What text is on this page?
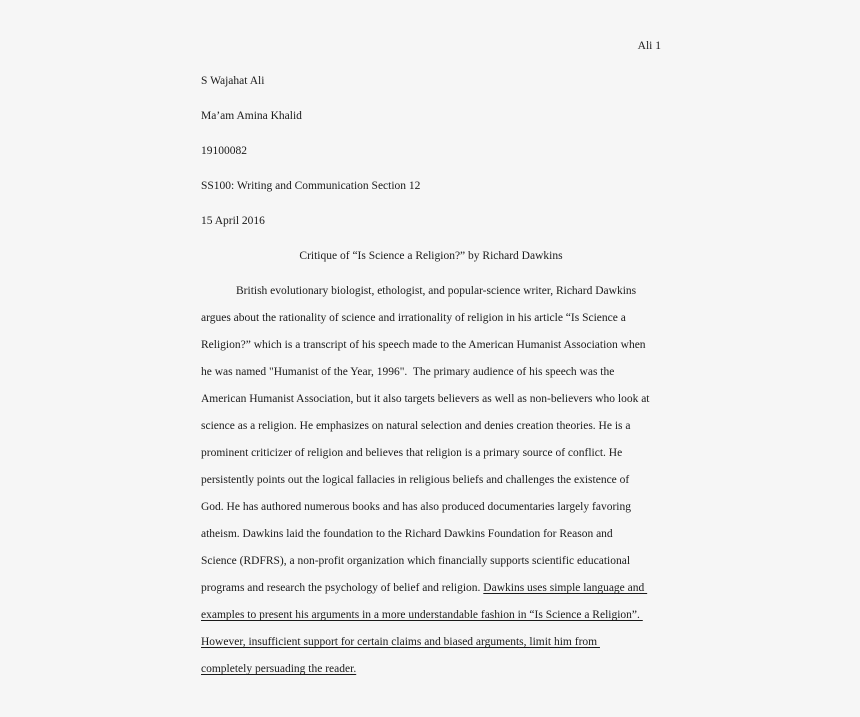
Ali 1
S Wajahat Ali
Ma’am Amina Khalid
19100082
SS100: Writing and Communication Section 12
15 April 2016
Critique of “Is Science a Religion?” by Richard Dawkins
British evolutionary biologist, ethologist, and popular-science writer, Richard Dawkins
argues about the rationality of science and irrationality of religion in his article “Is Science a
Religion?” which is a transcript of his speech made to the American Humanist Association when
he was named "Humanist of the Year, 1996".  The primary audience of his speech was the
American Humanist Association, but it also targets believers as well as non-believers who look at
science as a religion. He emphasizes on natural selection and denies creation theories. He is a
prominent criticizer of religion and believes that religion is a primary source of conflict. He
persistently points out the logical fallacies in religious beliefs and challenges the existence of
God. He has authored numerous books and has also produced documentaries largely favoring
atheism. Dawkins laid the foundation to the Richard Dawkins Foundation for Reason and
Science (RDFRS), a non-profit organization which financially supports scientific educational
programs and research the psychology of belief and religion. Dawkins uses simple language and
examples to present his arguments in a more understandable fashion in “Is Science a Religion”.
However, insufficient support for certain claims and biased arguments, limit him from
completely persuading the reader.
